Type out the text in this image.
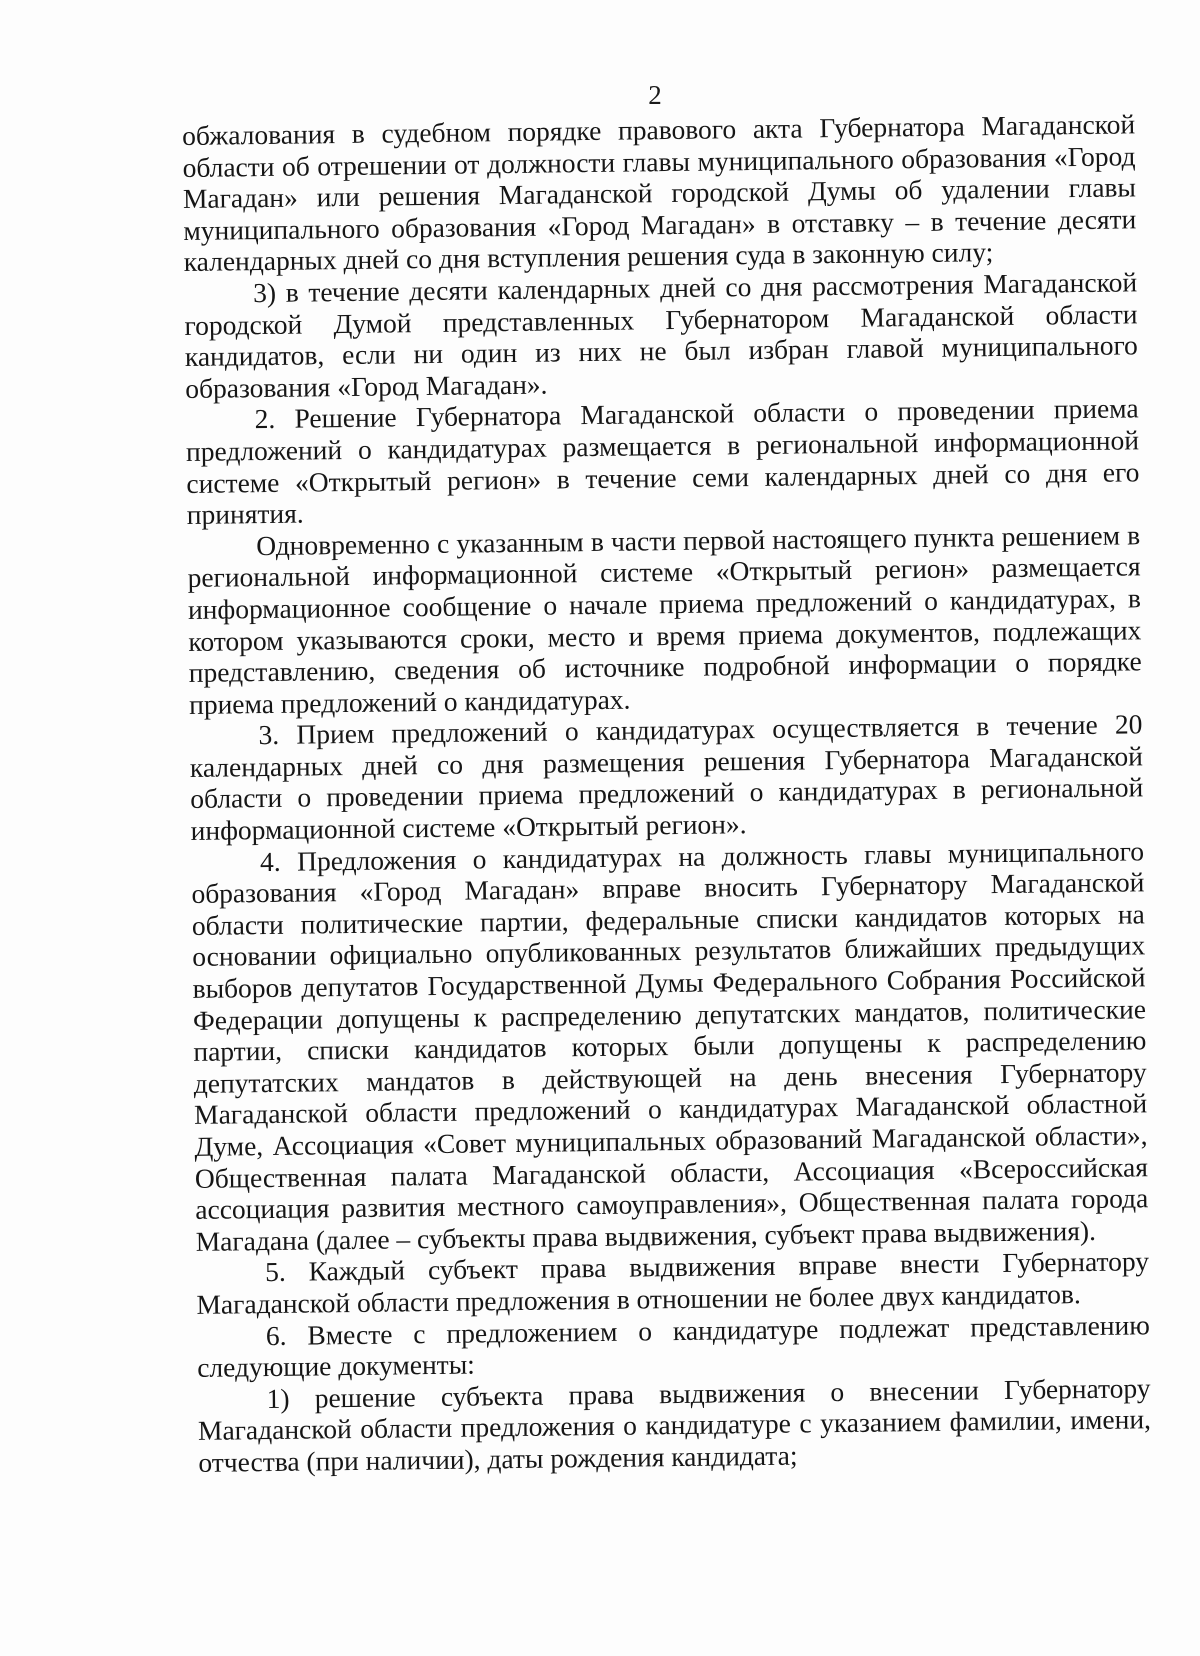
2

обжалования в судебном порядке правового акта Губернатора Магаданской области об отрешении от должности главы муниципального образования «Город Магадан» или решения Магаданской городской Думы об удалении главы муниципального образования «Город Магадан» в отставку – в течение десяти календарных дней со дня вступления решения суда в законную силу;

3) в течение десяти календарных дней со дня рассмотрения Магаданской городской Думой представленных Губернатором Магаданской области кандидатов, если ни один из них не был избран главой муниципального образования «Город Магадан».

2. Решение Губернатора Магаданской области о проведении приема предложений о кандидатурах размещается в региональной информационной системе «Открытый регион» в течение семи календарных дней со дня его принятия.

Одновременно с указанным в части первой настоящего пункта решением в региональной информационной системе «Открытый регион» размещается информационное сообщение о начале приема предложений о кандидатурах, в котором указываются сроки, место и время приема документов, подлежащих представлению, сведения об источнике подробной информации о порядке приема предложений о кандидатурах.

3. Прием предложений о кандидатурах осуществляется в течение 20 календарных дней со дня размещения решения Губернатора Магаданской области о проведении приема предложений о кандидатурах в региональной информационной системе «Открытый регион».

4. Предложения о кандидатурах на должность главы муниципального образования «Город Магадан» вправе вносить Губернатору Магаданской области политические партии, федеральные списки кандидатов которых на основании официально опубликованных результатов ближайших предыдущих выборов депутатов Государственной Думы Федерального Собрания Российской Федерации допущены к распределению депутатских мандатов, политические партии, списки кандидатов которых были допущены к распределению депутатских мандатов в действующей на день внесения Губернатору Магаданской области предложений о кандидатурах Магаданской областной Думе, Ассоциация «Совет муниципальных образований Магаданской области», Общественная палата Магаданской области, Ассоциация «Всероссийская ассоциация развития местного самоуправления», Общественная палата города Магадана (далее – субъекты права выдвижения, субъект права выдвижения).

5. Каждый субъект права выдвижения вправе внести Губернатору Магаданской области предложения в отношении не более двух кандидатов.

6. Вместе с предложением о кандидатуре подлежат представлению следующие документы:

1) решение субъекта права выдвижения о внесении Губернатору Магаданской области предложения о кандидатуре с указанием фамилии, имени, отчества (при наличии), даты рождения кандидата;
